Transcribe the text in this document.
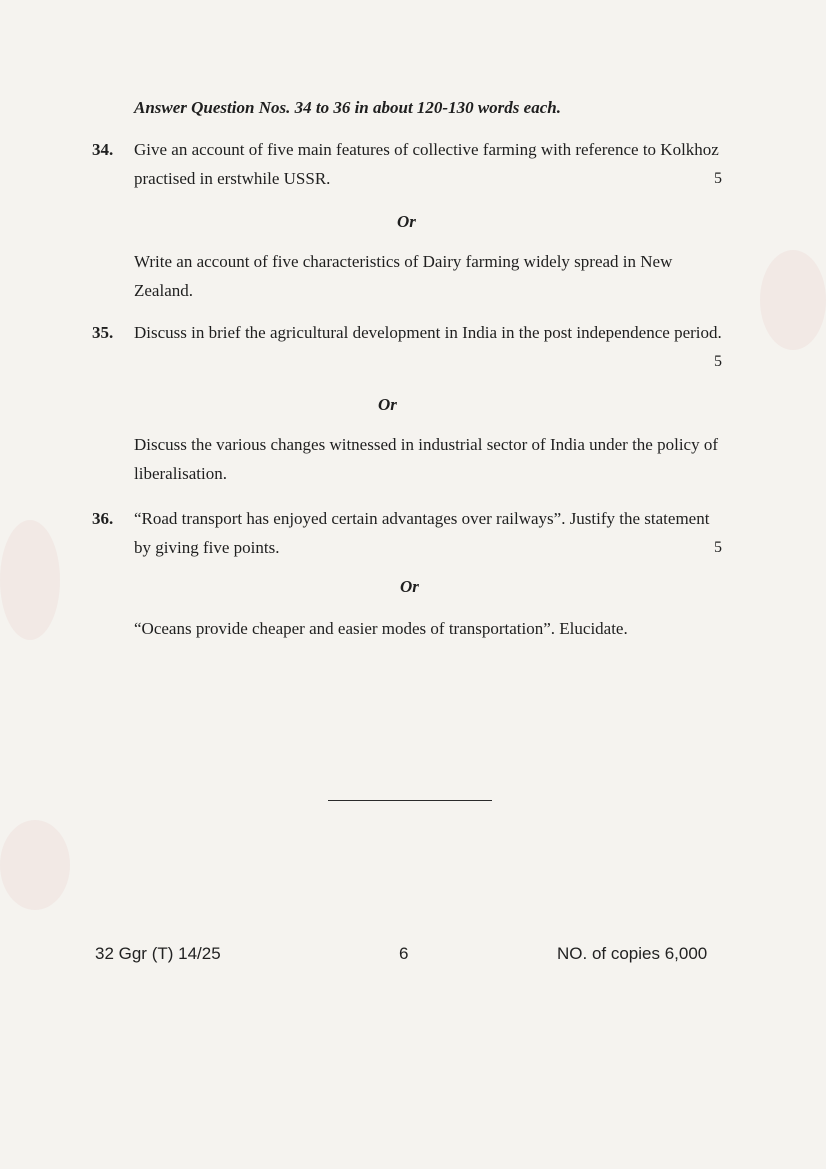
Answer Question Nos. 34 to 36 in about 120-130 words each.
34. Give an account of five main features of collective farming with reference to Kolkhoz practised in erstwhile USSR.	5
Or
Write an account of five characteristics of Dairy farming widely spread in New Zealand.
35. Discuss in brief the agricultural development in India in the post independence period.
5
Or
Discuss the various changes witnessed in industrial sector of India under the policy of liberalisation.
36. “Road transport has enjoyed certain advantages over railways”. Justify the statement by giving five points.	5
Or
“Oceans provide cheaper and easier modes of transportation”. Elucidate.
32 Ggr (T) 14/25	6	NO. of copies 6,000
